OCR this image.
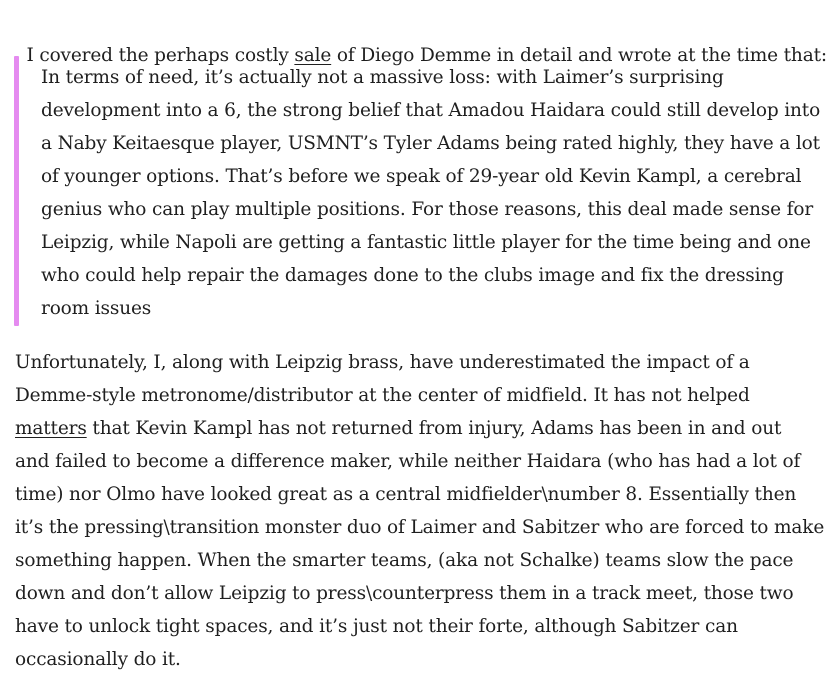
I covered the perhaps costly sale of Diego Demme in detail and wrote at the time that:

In terms of need, it’s actually not a massive loss: with Laimer’s surprising
development into a 6, the strong belief that Amadou Haidara could still develop into
a Naby Keitaesque player, USMNT’s Tyler Adams being rated highly, they have a lot
of younger options. That’s before we speak of 29-year old Kevin Kampl, a cerebral
genius who can play multiple positions. For those reasons, this deal made sense for
Leipzig, while Napoli are getting a fantastic little player for the time being and one
who could help repair the damages done to the clubs image and fix the dressing
room issues
Unfortunately, I, along with Leipzig brass, have underestimated the impact of a
Demme-style metronome/distributor at the center of midfield. It has not helped
matters that Kevin Kampl has not returned from injury, Adams has been in and out
and failed to become a difference maker, while neither Haidara (who has had a lot of
time) nor Olmo have looked great as a central midfielder\number 8. Essentially then
it’s the pressing\transition monster duo of Laimer and Sabitzer who are forced to make
something happen. When the smarter teams, (aka not Schalke) teams slow the pace
down and don’t allow Leipzig to press\counterpress them in a track meet, those two
have to unlock tight spaces, and it’s just not their forte, although Sabitzer can
occasionally do it.
